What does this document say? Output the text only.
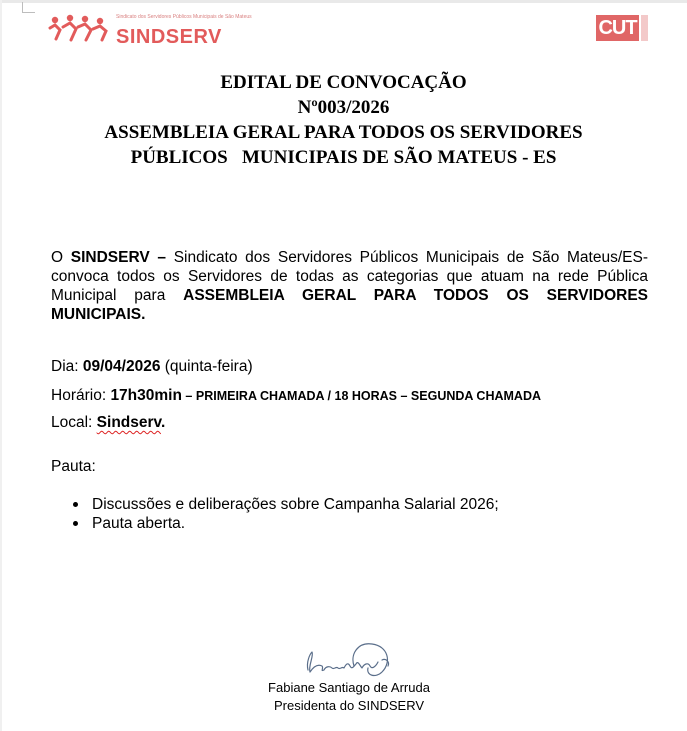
Sindicato dos Servidores Públicos Municipais de São Mateus
SINDSERV	CUT
EDITAL DE CONVOCAÇÃO
Nº003/2026
ASSEMBLEIA GERAL PARA TODOS OS SERVIDORES
PÚBLICOS   MUNICIPAIS DE SÃO MATEUS - ES

O SINDSERV – Sindicato dos Servidores Públicos Municipais de São Mateus/ES- convoca todos os Servidores de todas as categorias que atuam na rede Pública Municipal para ASSEMBLEIA GERAL PARA TODOS OS SERVIDORES MUNICIPAIS.

Dia: 09/04/2026 (quinta-feira)
Horário: 17h30min – PRIMEIRA CHAMADA / 18 HORAS – SEGUNDA CHAMADA
Local: Sindserv.
Pauta:
Discussões e deliberações sobre Campanha Salarial 2026;
Pauta aberta.
Fabiane Santiago de Arruda
Presidenta do SINDSERV
